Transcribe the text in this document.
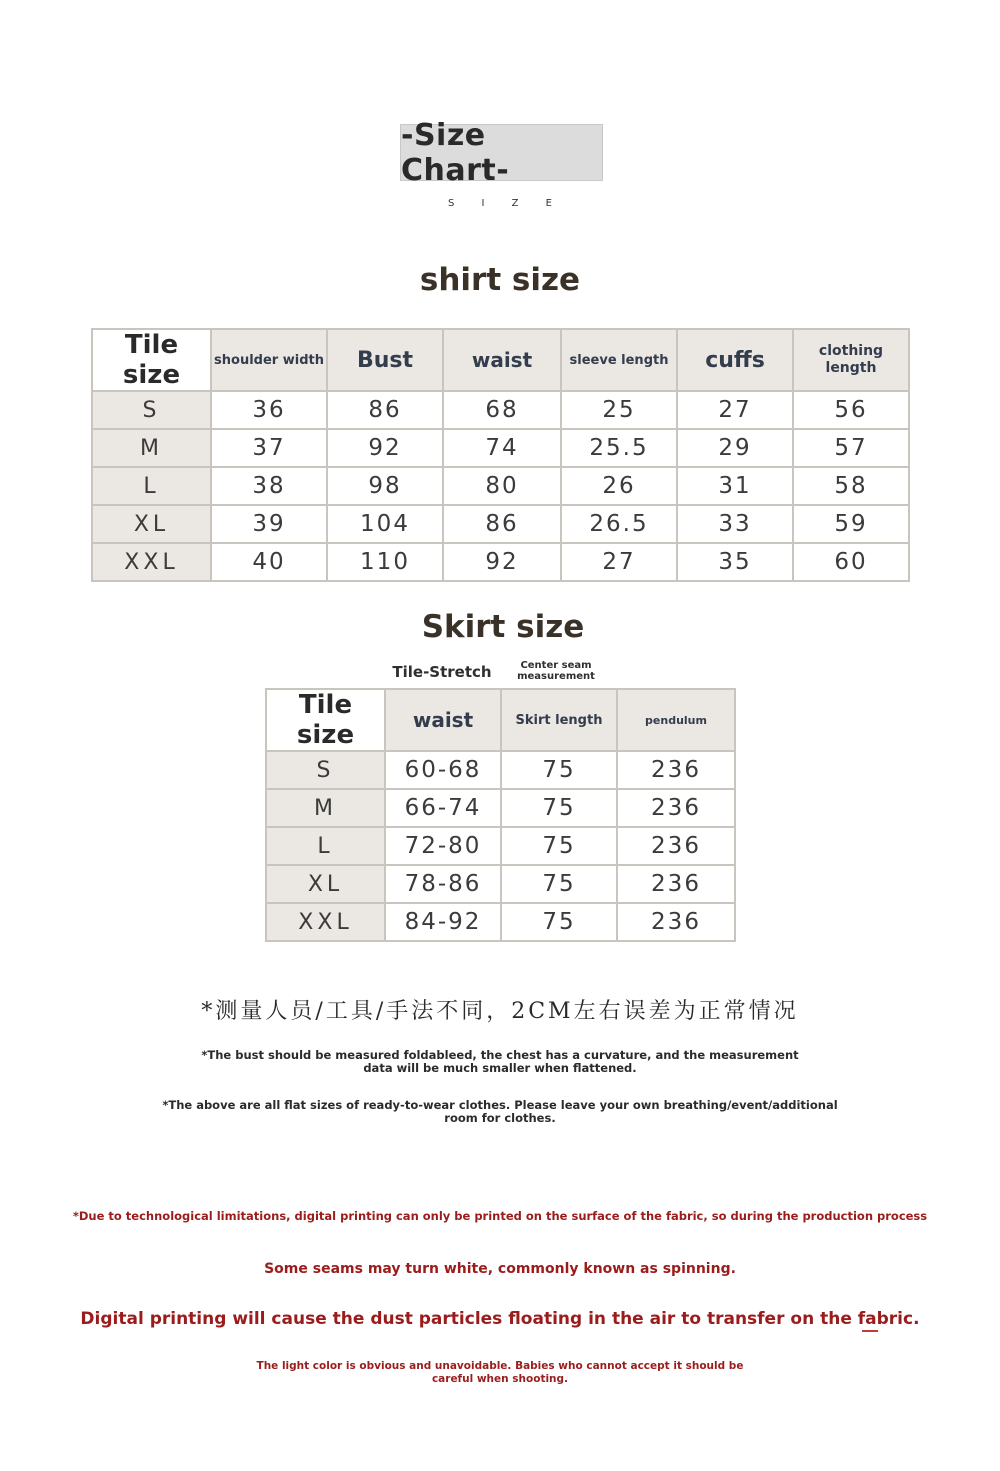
-Size Chart-
S I Z E
shirt size
Tile size	shoulder width	Bust	waist	sleeve length	cuffs	clothing length
S	36	86	68	25	27	56
M	37	92	74	25.5	29	57
L	38	98	80	26	31	58
XL	39	104	86	26.5	33	59
XXL	40	110	92	27	35	60
Skirt size
Tile-Stretch	Center seam measurement
Tile size	waist	Skirt length	pendulum
S	60-68	75	236
M	66-74	75	236
L	72-80	75	236
XL	78-86	75	236
XXL	84-92	75	236
*测量人员/工具/手法不同，2CM左右误差为正常情况
*The bust should be measured foldableed, the chest has a curvature, and the measurement data will be much smaller when flattened.
*The above are all flat sizes of ready-to-wear clothes. Please leave your own breathing/event/additional room for clothes.
*Due to technological limitations, digital printing can only be printed on the surface of the fabric, so during the production process
Some seams may turn white, commonly known as spinning.
Digital printing will cause the dust particles floating in the air to transfer on the fabric.
The light color is obvious and unavoidable. Babies who cannot accept it should be careful when shooting.
